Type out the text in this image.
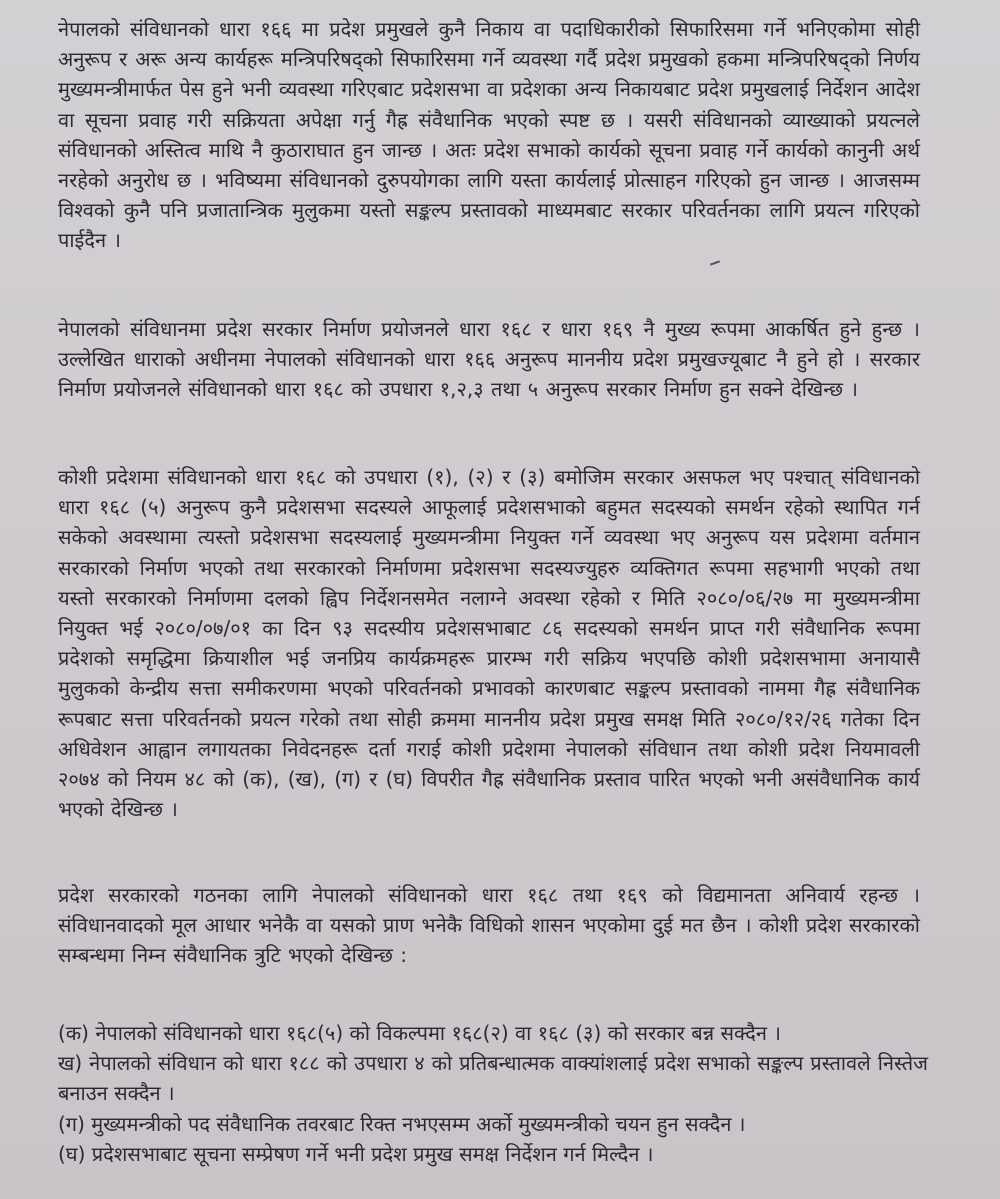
नेपालको संविधानको धारा १६६ मा प्रदेश प्रमुखले कुनै निकाय वा पदाधिकारीको सिफारिसमा गर्ने भनिएकोमा सोही अनुरूप र अरू अन्य कार्यहरू मन्त्रिपरिषद्को सिफारिसमा गर्ने व्यवस्था गर्दै प्रदेश प्रमुखको हकमा मन्त्रिपरिषद्को निर्णय मुख्यमन्त्रीमार्फत पेस हुने भनी व्यवस्था गरिएबाट प्रदेशसभा वा प्रदेशका अन्य निकायबाट प्रदेश प्रमुखलाई निर्देशन आदेश वा सूचना प्रवाह गरी सक्रियता अपेक्षा गर्नु गैह्र संवैधानिक भएको स्पष्ट छ । यसरी संविधानको व्याख्याको प्रयत्नले संविधानको अस्तित्व माथि नै कुठाराघात हुन जान्छ । अतः प्रदेश सभाको कार्यको सूचना प्रवाह गर्ने कार्यको कानुनी अर्थ नरहेको अनुरोध छ । भविष्यमा संविधानको दुरुपयोगका लागि यस्ता कार्यलाई प्रोत्साहन गरिएको हुन जान्छ । आजसम्म विश्वको कुनै पनि प्रजातान्त्रिक मुलुकमा यस्तो सङ्कल्प प्रस्तावको माध्यमबाट सरकार परिवर्तनका लागि प्रयत्न गरिएको पाईदैन ।

नेपालको संविधानमा प्रदेश सरकार निर्माण प्रयोजनले धारा १६८ र धारा १६९ नै मुख्य रूपमा आकर्षित हुने हुन्छ । उल्लेखित धाराको अधीनमा नेपालको संविधानको धारा १६६ अनुरूप माननीय प्रदेश प्रमुखज्यूबाट नै हुने हो । सरकार निर्माण प्रयोजनले संविधानको धारा १६८ को उपधारा १,२,३ तथा ५ अनुरूप सरकार निर्माण हुन सक्ने देखिन्छ ।

कोशी प्रदेशमा संविधानको धारा १६८ को उपधारा (१), (२) र (३) बमोजिम सरकार असफल भए पश्चात् संविधानको धारा १६८ (५) अनुरूप कुनै प्रदेशसभा सदस्यले आफूलाई प्रदेशसभाको बहुमत सदस्यको समर्थन रहेको स्थापित गर्न सकेको अवस्थामा त्यस्तो प्रदेशसभा सदस्यलाई मुख्यमन्त्रीमा नियुक्त गर्ने व्यवस्था भए अनुरूप यस प्रदेशमा वर्तमान सरकारको निर्माण भएको तथा सरकारको निर्माणमा प्रदेशसभा सदस्यज्युहरु व्यक्तिगत रूपमा सहभागी भएको तथा यस्तो सरकारको निर्माणमा दलको ह्विप निर्देशनसमेत नलाग्ने अवस्था रहेको र मिति २०८०/०६/२७ मा मुख्यमन्त्रीमा नियुक्त भई २०८०/०७/०१ का दिन ९३ सदस्यीय प्रदेशसभाबाट ८६ सदस्यको समर्थन प्राप्त गरी संवैधानिक रूपमा प्रदेशको समृद्धिमा क्रियाशील भई जनप्रिय कार्यक्रमहरू प्रारम्भ गरी सक्रिय भएपछि कोशी प्रदेशसभामा अनायासै मुलुकको केन्द्रीय सत्ता समीकरणमा भएको परिवर्तनको प्रभावको कारणबाट सङ्कल्प प्रस्तावको नाममा गैह्र संवैधानिक रूपबाट सत्ता परिवर्तनको प्रयत्न गरेको तथा सोही क्रममा माननीय प्रदेश प्रमुख समक्ष मिति २०८०/१२/२६ गतेका दिन अधिवेशन आह्वान लगायतका निवेदनहरू दर्ता गराई कोशी प्रदेशमा नेपालको संविधान तथा कोशी प्रदेश नियमावली २०७४ को नियम ४८ को (क), (ख), (ग) र (घ) विपरीत गैह्र संवैधानिक प्रस्ताव पारित भएको भनी असंवैधानिक कार्य भएको देखिन्छ ।

प्रदेश सरकारको गठनका लागि नेपालको संविधानको धारा १६८ तथा १६९ को विद्यमानता अनिवार्य रहन्छ । संविधानवादको मूल आधार भनेकै वा यसको प्राण भनेकै विधिको शासन भएकोमा दुई मत छैन । कोशी प्रदेश सरकारको सम्बन्धमा निम्न संवैधानिक त्रुटि भएको देखिन्छ :

(क) नेपालको संविधानको धारा १६८(५) को विकल्पमा १६८(२) वा १६८ (३) को सरकार बन्न सक्दैन ।
ख) नेपालको संविधान को धारा १८८ को उपधारा ४ को प्रतिबन्धात्मक वाक्यांशलाई प्रदेश सभाको सङ्कल्प प्रस्तावले निस्तेज बनाउन सक्दैन ।
(ग) मुख्यमन्त्रीको पद संवैधानिक तवरबाट रिक्त नभएसम्म अर्को मुख्यमन्त्रीको चयन हुन सक्दैन ।
(घ) प्रदेशसभाबाट सूचना सम्प्रेषण गर्ने भनी प्रदेश प्रमुख समक्ष निर्देशन गर्न मिल्दैन ।
